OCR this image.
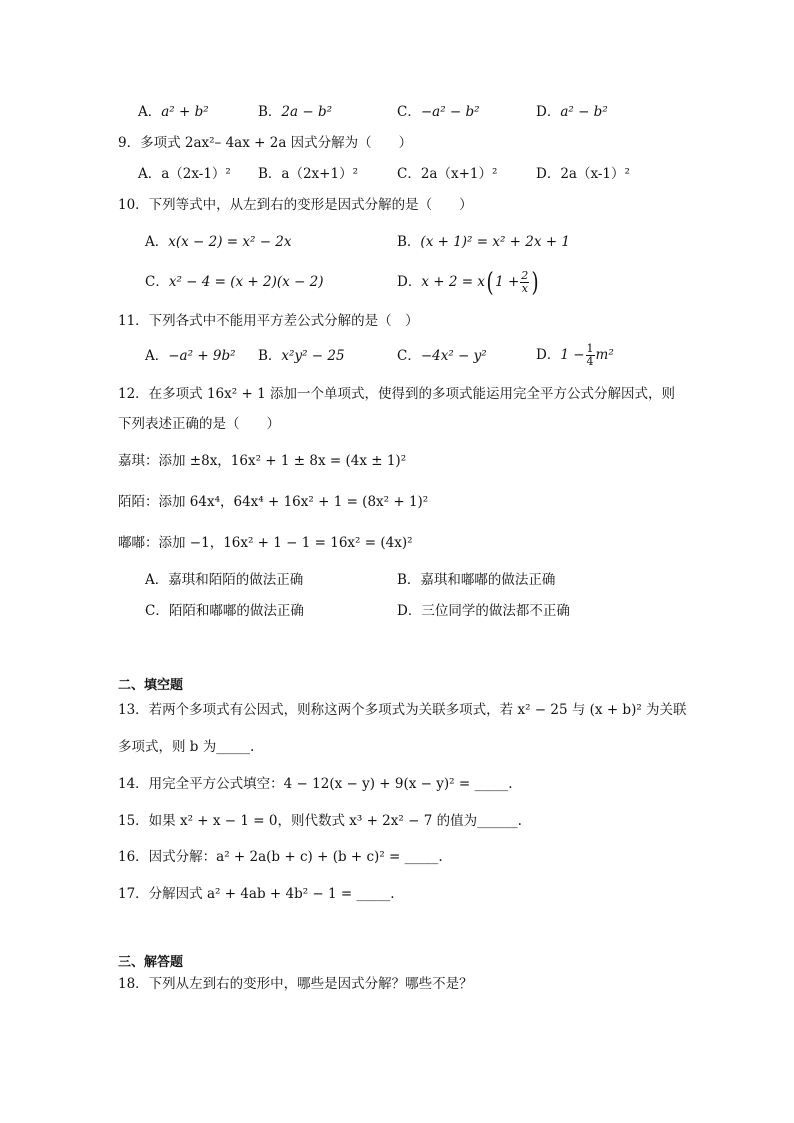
A．a² + b²	B．2a − b²	C．−a² − b²	D．a² − b²
9．多项式 2ax²– 4ax + 2a 因式分解为（　　）
A．a（2x-1）² B．a（2x+1）²	C．2a（x+1）²	D．2a（x-1）²
10．下列等式中，从左到右的变形是因式分解的是（　　）
A．x(x − 2) = x² − 2x	B．(x + 1)² = x² + 2x + 1
C．x² − 4 = (x + 2)(x − 2)	D．x + 2 = x( $1 + \frac{2}{x}$ )
11．下列各式中不能用平方差公式分解的是（　）
A．−a² + 9b² B．x²y² − 25	C．−4x² − y²	D．$1 - \frac{1}{4} m^2$
12．在多项式 16x² + 1 添加一个单项式，使得到的多项式能运用完全平方公式分解因式，则
下列表述正确的是（　　）
嘉琪：添加 ±8x，16x² + 1 ± 8x = (4x ± 1)²
陌陌：添加 64x⁴，64x⁴ + 16x² + 1 = (8x² + 1)²
嘟嘟：添加 −1，16x² + 1 − 1 = 16x² = (4x)²
A．嘉琪和陌陌的做法正确	B．嘉琪和嘟嘟的做法正确
C．陌陌和嘟嘟的做法正确	D．三位同学的做法都不正确
二、填空题
13．若两个多项式有公因式，则称这两个多项式为关联多项式，若 x² − 25 与 (x + b)² 为关联
多项式，则 b 为_____.
14．用完全平方公式填空：4 − 12(x − y) + 9(x − y)² = _____.
15．如果 x² + x − 1 = 0，则代数式 x³ + 2x² − 7 的值为______.
16．因式分解：a² + 2a(b + c) + (b + c)² = _____.
17．分解因式 a² + 4ab + 4b² − 1 = _____.
三、解答题
18．下列从左到右的变形中，哪些是因式分解？哪些不是？
